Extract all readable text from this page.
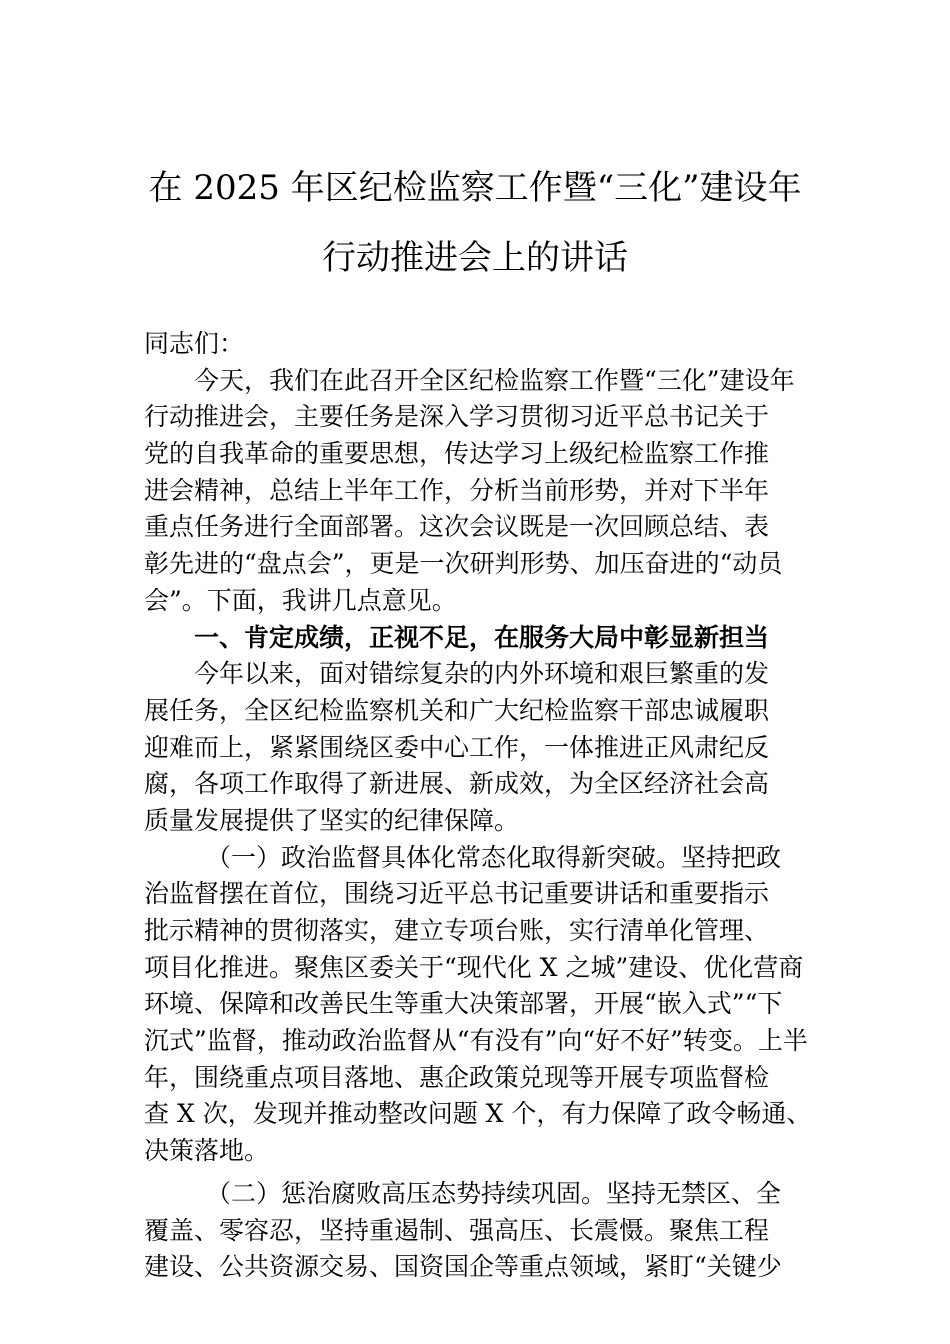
在 2025 年区纪检监察工作暨“三化”建设年
行动推进会上的讲话
同志们：
今天，我们在此召开全区纪检监察工作暨“三化”建设年
行动推进会，主要任务是深入学习贯彻习近平总书记关于
党的自我革命的重要思想，传达学习上级纪检监察工作推
进会精神，总结上半年工作，分析当前形势，并对下半年
重点任务进行全面部署。这次会议既是一次回顾总结、表
彰先进的“盘点会”，更是一次研判形势、加压奋进的“动员
会”。下面，我讲几点意见。
一、肯定成绩，正视不足，在服务大局中彰显新担当
今年以来，面对错综复杂的内外环境和艰巨繁重的发
展任务，全区纪检监察机关和广大纪检监察干部忠诚履职
迎难而上，紧紧围绕区委中心工作，一体推进正风肃纪反
腐，各项工作取得了新进展、新成效，为全区经济社会高
质量发展提供了坚实的纪律保障。
（一）政治监督具体化常态化取得新突破。坚持把政
治监督摆在首位，围绕习近平总书记重要讲话和重要指示
批示精神的贯彻落实，建立专项台账，实行清单化管理、
项目化推进。聚焦区委关于“现代化 X 之城”建设、优化营商
环境、保障和改善民生等重大决策部署，开展“嵌入式”“下
沉式”监督，推动政治监督从“有没有”向“好不好”转变。上半
年，围绕重点项目落地、惠企政策兑现等开展专项监督检
查 X 次，发现并推动整改问题 X 个，有力保障了政令畅通、
决策落地。
（二）惩治腐败高压态势持续巩固。坚持无禁区、全
覆盖、零容忍，坚持重遏制、强高压、长震慑。聚焦工程
建设、公共资源交易、国资国企等重点领域，紧盯“关键少
